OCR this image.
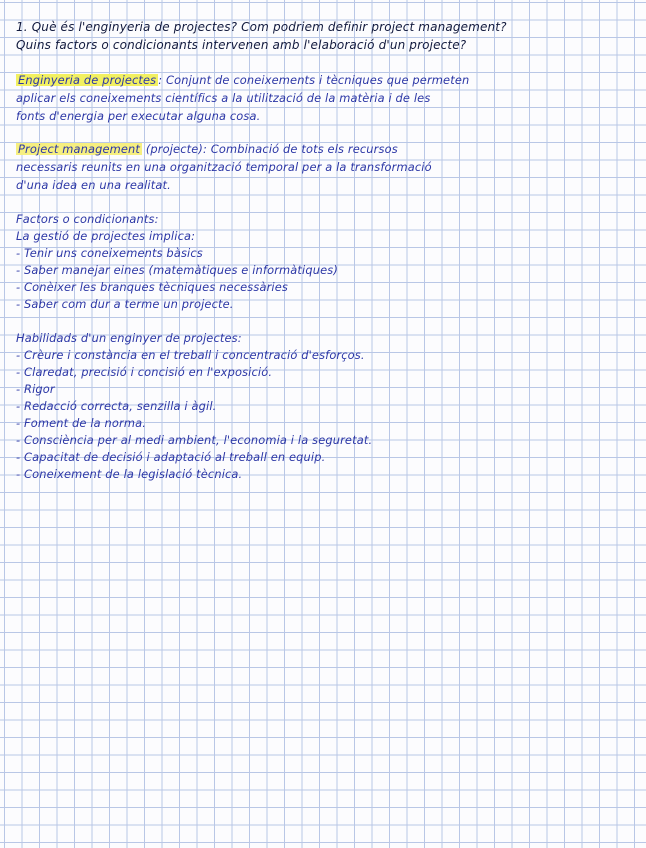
1. Què és l'enginyeria de projectes? Com podriem definir project management?
Quins factors o condicionants intervenen amb l'elaboració d'un projecte?
Enginyeria de projectes : Conjunt de coneixements i tècniques que permeten
aplicar els coneixements científics a la utilització de la matèria i de les
fonts d'energia per executar alguna cosa.
Project management (projecte): Combinació de tots els recursos
necessaris reunits en una organització temporal per a la transformació
d'una idea en una realitat.
Factors o condicionants:
La gestió de projectes implica:
- Tenir uns coneixements bàsics
- Saber manejar eines (matemàtiques e informàtiques)
- Conèixer les branques tècniques necessàries
- Saber com dur a terme un projecte.
Habilidads d'un enginyer de projectes:
- Crèure i constància en el treball i concentració d'esforços.
- Claredat, precisió i concisió en l'exposició.
- Rigor
- Redacció correcta, senzilla i àgil.
- Foment de la norma.
- Consciència per al medi ambient, l'economia i la seguretat.
- Capacitat de decisió i adaptació al treball en equip.
- Coneixement de la legislació tècnica.
